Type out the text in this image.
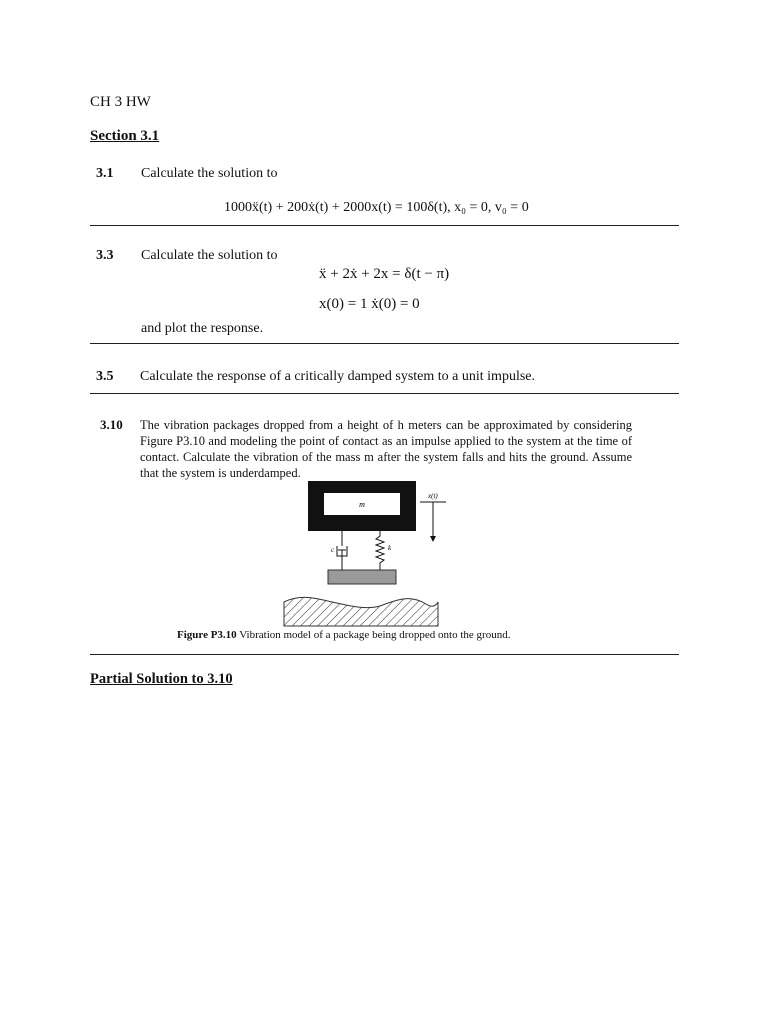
CH 3 HW
Section 3.1
3.1 Calculate the solution to
1000ẍ(t) + 200ẋ(t) + 2000x(t) = 100δ(t), x₀ = 0, v₀ = 0
3.3 Calculate the solution to
ẍ + 2ẋ + 2x = δ(t − π)
x(0) = 1 ẋ(0) = 0
and plot the response.
3.5 Calculate the response of a critically damped system to a unit impulse.
3.10 The vibration packages dropped from a height of h meters can be approximated by considering Figure P3.10 and modeling the point of contact as an impulse applied to the system at the time of contact. Calculate the vibration of the mass m after the system falls and hits the ground. Assume that the system is underdamped.
m
x(t)
c	k
Figure P3.10 Vibration model of a package being dropped onto the ground.
Partial Solution to 3.10
